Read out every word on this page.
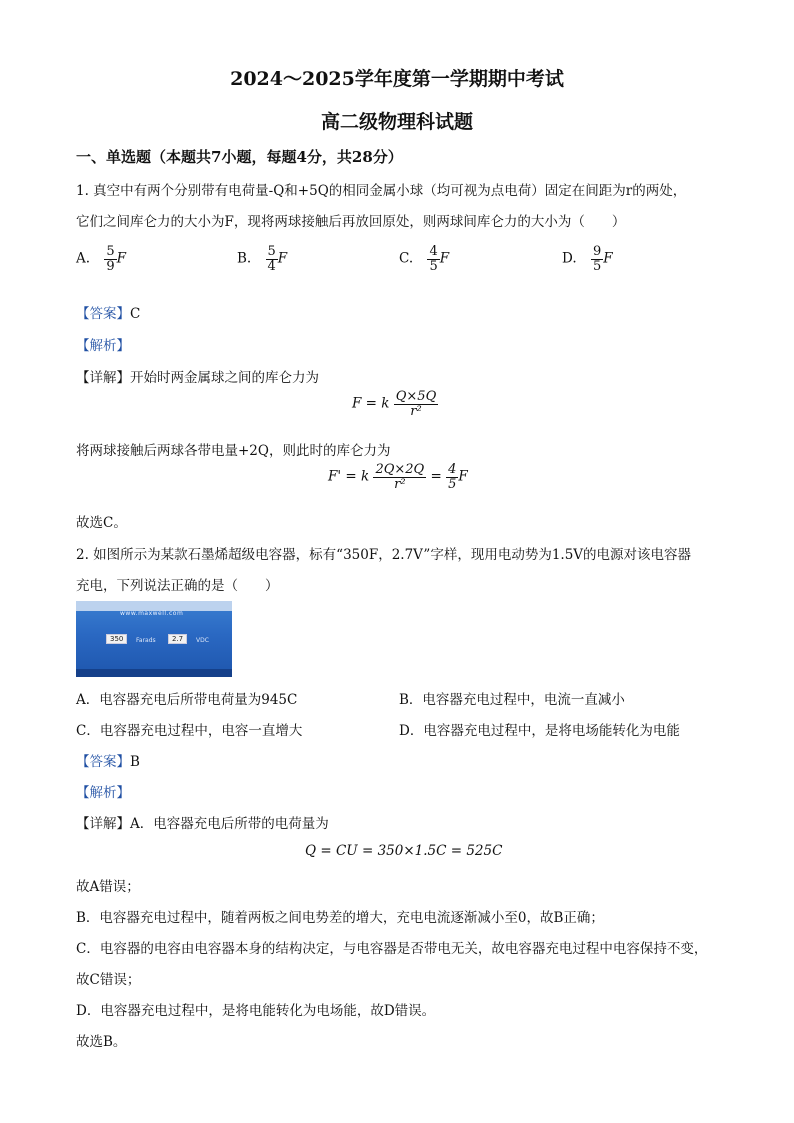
2024～2025学年度第一学期期中考试
高二级物理科试题
一、单选题（本题共7小题，每题4分，共28分）
1. 真空中有两个分别带有电荷量-Q和+5Q的相同金属小球（均可视为点电荷）固定在间距为r的两处，
它们之间库仑力的大小为F，现将两球接触后再放回原处，则两球间库仑力的大小为（　　）
A. $\frac{5}{9}$ F	B. $\frac{5}{4}$ F	C. $\frac{4}{5}$ F	D. $\frac{9}{5}$ F
【答案】C
【解析】
【详解】开始时两金属球之间的库仑力为
F = k $\frac{Q\times 5Q}{\text{r²}}$
将两球接触后两球各带电量+2Q，则此时的库仑力为
F' = k $\frac{2Q\times 2Q}{\text{r²}} = \frac{4}{5}$ F
故选C。
2. 如图所示为某款石墨烯超级电容器，标有“350F，2.7V”字样，现用电动势为1.5V的电源对该电容器
充电，下列说法正确的是（　　）
www.maxwell.com
350	Farads	2.7	VDC
A．电容器充电后所带电荷量为945C	B．电容器充电过程中，电流一直减小
C．电容器充电过程中，电容一直增大	D．电容器充电过程中，是将电场能转化为电能
【答案】B
【解析】
【详解】A．电容器充电后所带的电荷量为
Q = CU = 350×1.5C = 525C
故A错误；
B．电容器充电过程中，随着两板之间电势差的增大，充电电流逐渐减小至0，故B正确；
C．电容器的电容由电容器本身的结构决定，与电容器是否带电无关，故电容器充电过程中电容保持不变，
故C错误；
D．电容器充电过程中，是将电能转化为电场能，故D错误。
故选B。
